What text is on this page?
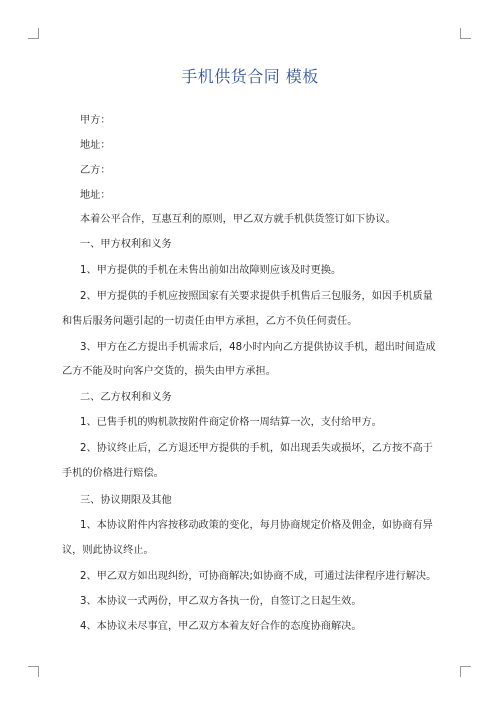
手机供货合同 模板
甲方：
地址：
乙方：
地址：
本着公平合作，互惠互利的原则，甲乙双方就手机供货签订如下协议。
一、甲方权利和义务
1、甲方提供的手机在未售出前如出故障则应该及时更换。
2、甲方提供的手机应按照国家有关要求提供手机售后三包服务，如因手机质量
和售后服务问题引起的一切责任由甲方承担，乙方不负任何责任。
3、甲方在乙方提出手机需求后，48小时内向乙方提供协议手机，超出时间造成
乙方不能及时向客户交货的，损失由甲方承担。
二、乙方权利和义务
1、已售手机的购机款按附件商定价格一周结算一次，支付给甲方。
2、协议终止后，乙方退还甲方提供的手机，如出现丢失或损坏，乙方按不高于
手机的价格进行赔偿。
三、协议期限及其他
1、本协议附件内容按移动政策的变化，每月协商规定价格及佣金，如协商有异
议，则此协议终止。
2、甲乙双方如出现纠纷，可协商解决;如协商不成，可通过法律程序进行解决。
3、本协议一式两份，甲乙双方各执一份，自签订之日起生效。
4、本协议未尽事宜，甲乙双方本着友好合作的态度协商解决。
